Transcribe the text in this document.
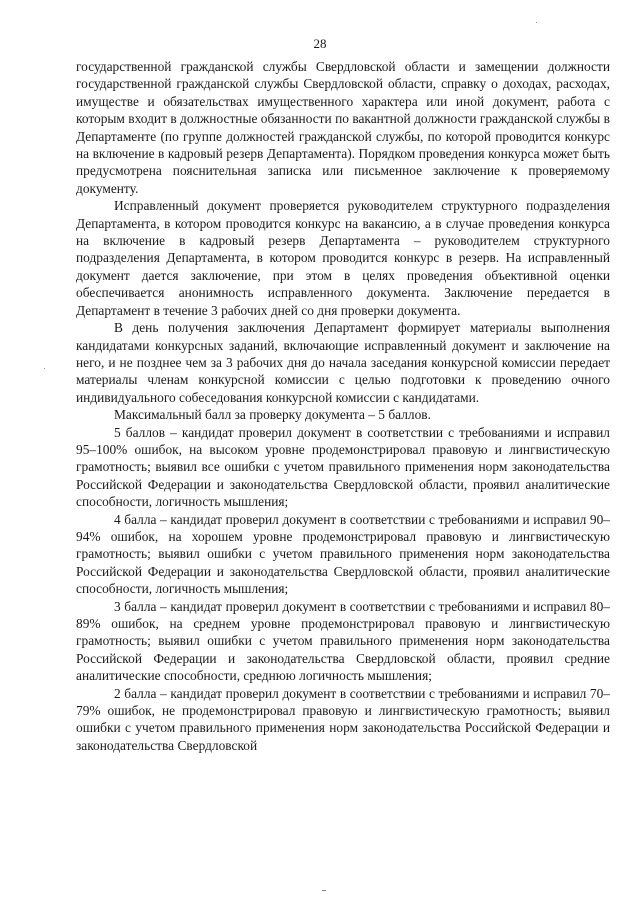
28

государственной гражданской службы Свердловской области и замещении должности государственной гражданской службы Свердловской области, справку о доходах, расходах, имуществе и обязательствах имущественного характера или иной документ, работа с которым входит в должностные обязанности по вакантной должности гражданской службы в Департаменте (по группе должностей гражданской службы, по которой проводится конкурс на включение в кадровый резерв Департамента). Порядком проведения конкурса может быть предусмотрена пояснительная записка или письменное заключение к проверяемому документу.

Исправленный документ проверяется руководителем структурного подразделения Департамента, в котором проводится конкурс на вакансию, а в случае проведения конкурса на включение в кадровый резерв Департамента – руководителем структурного подразделения Департамента, в котором проводится конкурс в резерв. На исправленный документ дается заключение, при этом в целях проведения объективной оценки обеспечивается анонимность исправленного документа. Заключение передается в Департамент в течение 3 рабочих дней со дня проверки документа.

В день получения заключения Департамент формирует материалы выполнения кандидатами конкурсных заданий, включающие исправленный документ и заключение на него, и не позднее чем за 3 рабочих дня до начала заседания конкурсной комиссии передает материалы членам конкурсной комиссии с целью подготовки к проведению очного индивидуального собеседования конкурсной комиссии с кандидатами.

Максимальный балл за проверку документа – 5 баллов.

5 баллов – кандидат проверил документ в соответствии с требованиями и исправил 95–100% ошибок, на высоком уровне продемонстрировал правовую и лингвистическую грамотность; выявил все ошибки с учетом правильного применения норм законодательства Российской Федерации и законодательства Свердловской области, проявил аналитические способности, логичность мышления;

4 балла – кандидат проверил документ в соответствии с требованиями и исправил 90–94% ошибок, на хорошем уровне продемонстрировал правовую и лингвистическую грамотность; выявил ошибки с учетом правильного применения норм законодательства Российской Федерации и законодательства Свердловской области, проявил аналитические способности, логичность мышления;

3 балла – кандидат проверил документ в соответствии с требованиями и исправил 80–89% ошибок, на среднем уровне продемонстрировал правовую и лингвистическую грамотность; выявил ошибки с учетом правильного применения норм законодательства Российской Федерации и законодательства Свердловской области, проявил средние аналитические способности, среднюю логичность мышления;

2 балла – кандидат проверил документ в соответствии с требованиями и исправил 70–79% ошибок, не продемонстрировал правовую и лингвистическую грамотность; выявил ошибки с учетом правильного применения норм законодательства Российской Федерации и законодательства Свердловской
